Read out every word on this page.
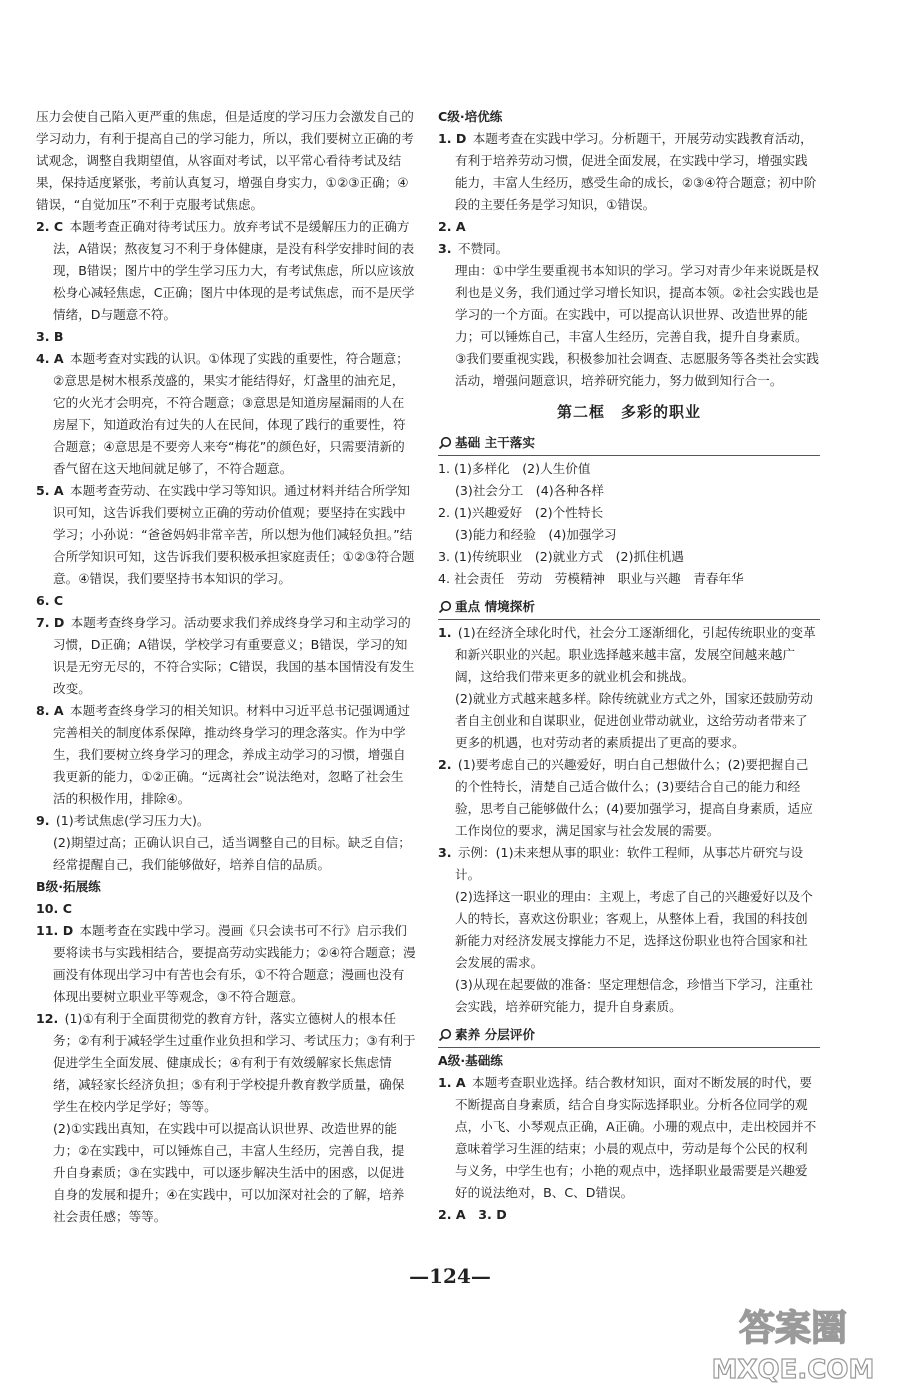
压力会使自己陷入更严重的焦虑，但是适度的学习压力会激发自己的学习动力，有利于提高自己的学习能力，所以，我们要树立正确的考试观念，调整自我期望值，从容面对考试，以平常心看待考试及结果，保持适度紧张，考前认真复习，增强自身实力，①②③正确；④错误，“自觉加压”不利于克服考试焦虑。
2. C  本题考查正确对待考试压力。放弃考试不是缓解压力的正确方法，A错误；熬夜复习不利于身体健康，是没有科学安排时间的表现，B错误；图片中的学生学习压力大，有考试焦虑，所以应该放松身心减轻焦虑，C正确；图片中体现的是考试焦虑，而不是厌学情绪，D与题意不符。
3. B
4. A  本题考查对实践的认识。①体现了实践的重要性，符合题意；②意思是树木根系茂盛的，果实才能结得好，灯盏里的油充足，它的火光才会明亮，不符合题意；③意思是知道房屋漏雨的人在房屋下，知道政治有过失的人在民间，体现了践行的重要性，符合题意；④意思是不要旁人来夸“梅花”的颜色好，只需要清新的香气留在这天地间就足够了，不符合题意。
5. A  本题考查劳动、在实践中学习等知识。通过材料并结合所学知识可知，这告诉我们要树立正确的劳动价值观；要坚持在实践中学习；小孙说：“爸爸妈妈非常辛苦，所以想为他们减轻负担。”结合所学知识可知，这告诉我们要积极承担家庭责任；①②③符合题意。④错误，我们要坚持书本知识的学习。
6. C
7. D  本题考查终身学习。活动要求我们养成终身学习和主动学习的习惯，D正确；A错误，学校学习有重要意义；B错误，学习的知识是无穷无尽的，不符合实际；C错误，我国的基本国情没有发生改变。
8. A  本题考查终身学习的相关知识。材料中习近平总书记强调通过完善相关的制度体系保障，推动终身学习的理念落实。作为中学生，我们要树立终身学习的理念，养成主动学习的习惯，增强自我更新的能力，①②正确。“远离社会”说法绝对，忽略了社会生活的积极作用，排除④。
9.  (1)考试焦虑(学习压力大)。
(2)期望过高；正确认识自己，适当调整自己的目标。缺乏自信；经常提醒自己，我们能够做好，培养自信的品质。
B级·拓展练
10. C
11. D  本题考查在实践中学习。漫画《只会读书可不行》启示我们要将读书与实践相结合，要提高劳动实践能力；②④符合题意；漫画没有体现出学习中有苦也会有乐，①不符合题意；漫画也没有体现出要树立职业平等观念，③不符合题意。
12.  (1)①有利于全面贯彻党的教育方针，落实立德树人的根本任务；②有利于减轻学生过重作业负担和学习、考试压力；③有利于促进学生全面发展、健康成长；④有利于有效缓解家长焦虑情绪，减轻家长经济负担；⑤有利于学校提升教育教学质量，确保学生在校内学足学好；等等。
(2)①实践出真知，在实践中可以提高认识世界、改造世界的能力；②在实践中，可以锤炼自己，丰富人生经历，完善自我，提升自身素质；③在实践中，可以逐步解决生活中的困惑，以促进自身的发展和提升；④在实践中，可以加深对社会的了解，培养社会责任感；等等。
C级·培优练
1. D  本题考查在实践中学习。分析题干，开展劳动实践教育活动，有利于培养劳动习惯，促进全面发展，在实践中学习，增强实践能力，丰富人生经历，感受生命的成长，②③④符合题意；初中阶段的主要任务是学习知识，①错误。
2. A
3.  不赞同。
理由：①中学生要重视书本知识的学习。学习对青少年来说既是权利也是义务，我们通过学习增长知识，提高本领。②社会实践也是学习的一个方面。在实践中，可以提高认识世界、改造世界的能力；可以锤炼自己，丰富人生经历，完善自我，提升自身素质。
③我们要重视实践，积极参加社会调查、志愿服务等各类社会实践活动，增强问题意识，培养研究能力，努力做到知行合一。
第二框　多彩的职业
基础 主干落实
1. (1)多样化　(2)人生价值
(3)社会分工　(4)各种各样
2. (1)兴趣爱好　(2)个性特长
(3)能力和经验　(4)加强学习
3. (1)传统职业　(2)就业方式　(2)抓住机遇
4. 社会责任　劳动　劳模精神　职业与兴趣　青春年华
重点 情境探析
1.  (1)在经济全球化时代，社会分工逐渐细化，引起传统职业的变革和新兴职业的兴起。职业选择越来越丰富，发展空间越来越广阔，这给我们带来更多的就业机会和挑战。
(2)就业方式越来越多样。除传统就业方式之外，国家还鼓励劳动者自主创业和自谋职业，促进创业带动就业，这给劳动者带来了更多的机遇，也对劳动者的素质提出了更高的要求。
2.  (1)要考虑自己的兴趣爱好，明白自己想做什么；(2)要把握自己的个性特长，清楚自己适合做什么；(3)要结合自己的能力和经验，思考自己能够做什么；(4)要加强学习，提高自身素质，适应工作岗位的要求，满足国家与社会发展的需要。
3.  示例：(1)未来想从事的职业：软件工程师，从事芯片研究与设计。
(2)选择这一职业的理由：主观上，考虑了自己的兴趣爱好以及个人的特长，喜欢这份职业；客观上，从整体上看，我国的科技创新能力对经济发展支撑能力不足，选择这份职业也符合国家和社会发展的需求。
(3)从现在起要做的准备：坚定理想信念，珍惜当下学习，注重社会实践，培养研究能力，提升自身素质。
素养 分层评价
A级·基础练
1. A  本题考查职业选择。结合教材知识，面对不断发展的时代，要不断提高自身素质，结合自身实际选择职业。分析各位同学的观点，小飞、小琴观点正确，A正确。小珊的观点中，走出校园并不意味着学习生涯的结束；小晨的观点中，劳动是每个公民的权利与义务，中学生也有；小艳的观点中，选择职业最需要是兴趣爱好的说法绝对，B、C、D错误。
2. A　3. D
—124—
答案圈
MXQE.COM
